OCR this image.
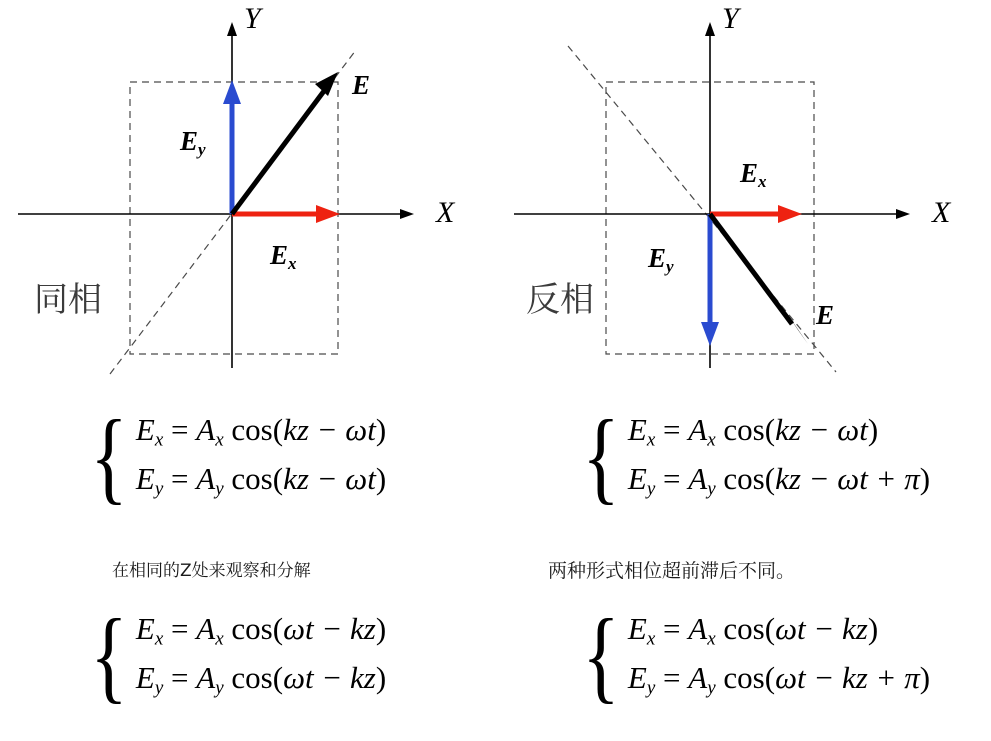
X
Y
E
$E_y$
$E_x$
同相
X
Y
$E_x$
$E_y$
E
反相
{ $E_x = A_x$ cos(kz − ωt)
$E_y = A_y$ cos(kz − ωt) { $E_x = A_x$ cos(kz − ωt)
$E_y = A_y$ cos(kz − ωt + π)
在相同的Z处来观察和分解	两种形式相位超前滞后不同。
{ $E_x = A_x$ cos(ωt − kz)
$E_y = A_y$ cos(ωt − kz) { $E_x = A_x$ cos(ωt − kz)
$E_y = A_y$ cos(ωt − kz + π)
